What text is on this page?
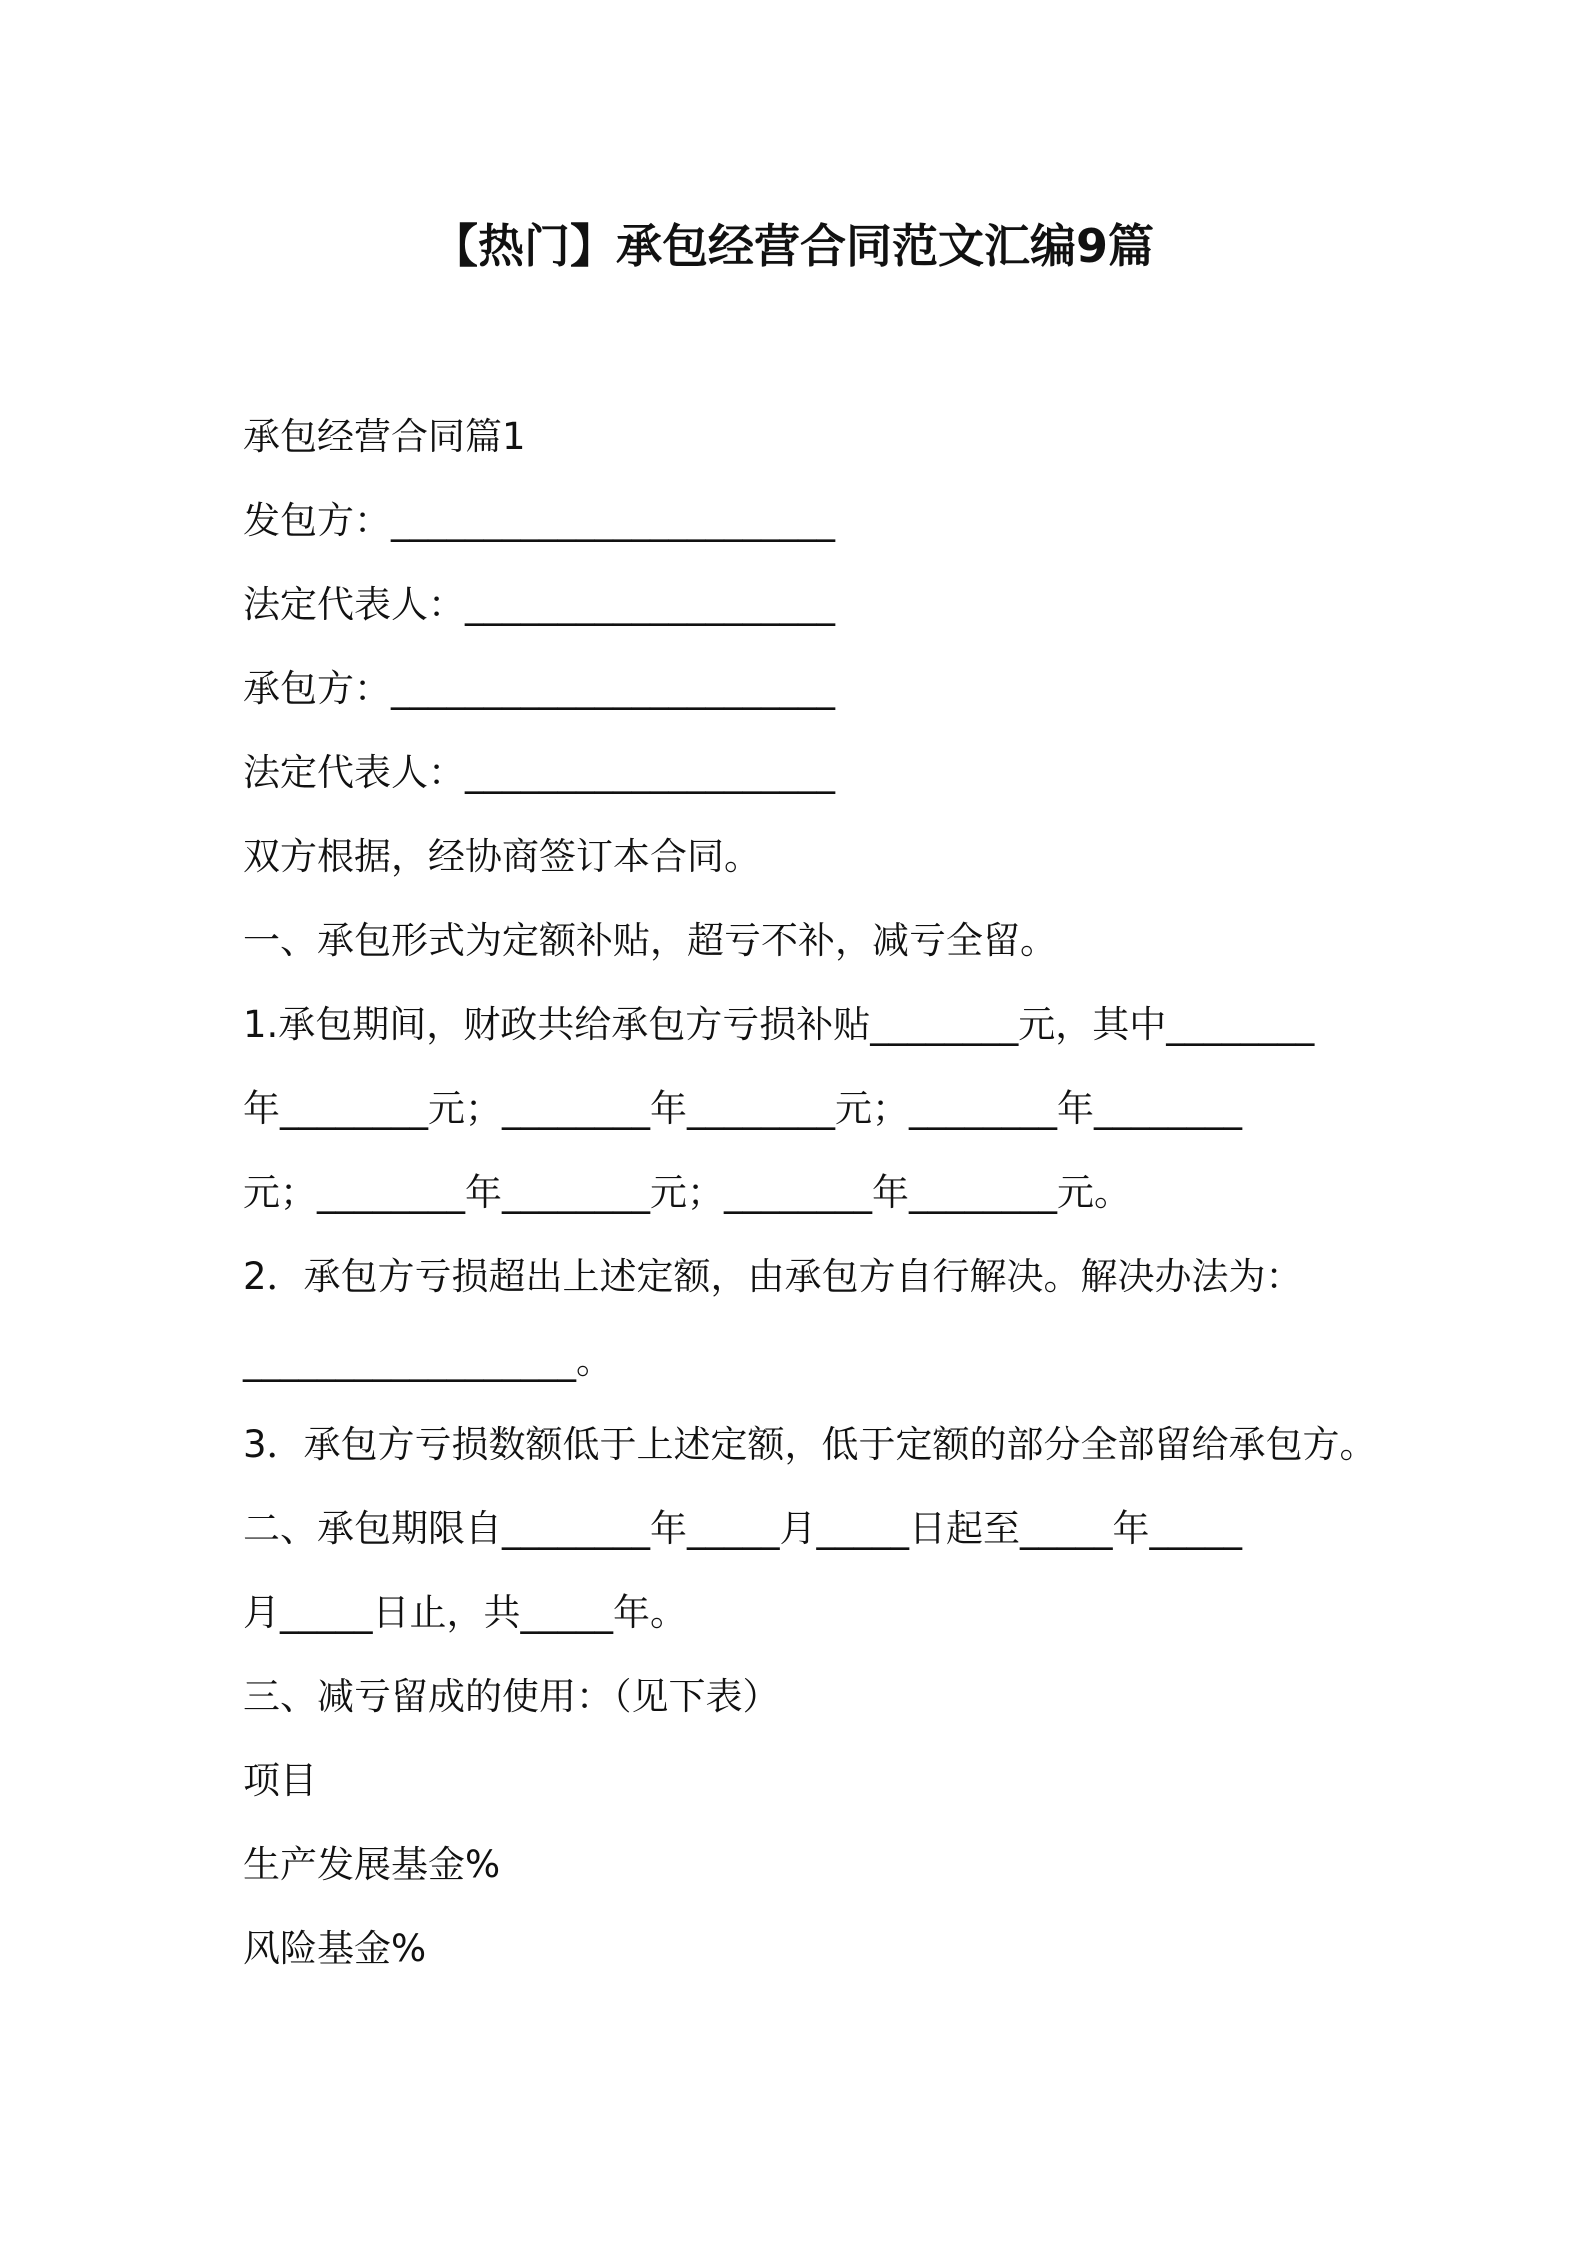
【热门】承包经营合同范文汇编9篇
承包经营合同篇1
发包方：________________________
法定代表人：____________________
承包方：________________________
法定代表人：____________________
双方根据，经协商签订本合同。
一、承包形式为定额补贴，超亏不补，减亏全留。
1.承包期间，财政共给承包方亏损补贴________元，其中________
年________元；________年________元；________年________
元；________年________元；________年________元。
2．承包方亏损超出上述定额，由承包方自行解决。解决办法为：
__________________。
3．承包方亏损数额低于上述定额，低于定额的部分全部留给承包方。
二、承包期限自________年_____月_____日起至_____年_____
月_____日止，共_____年。
三、减亏留成的使用：（见下表）
项目
生产发展基金%
风险基金%
